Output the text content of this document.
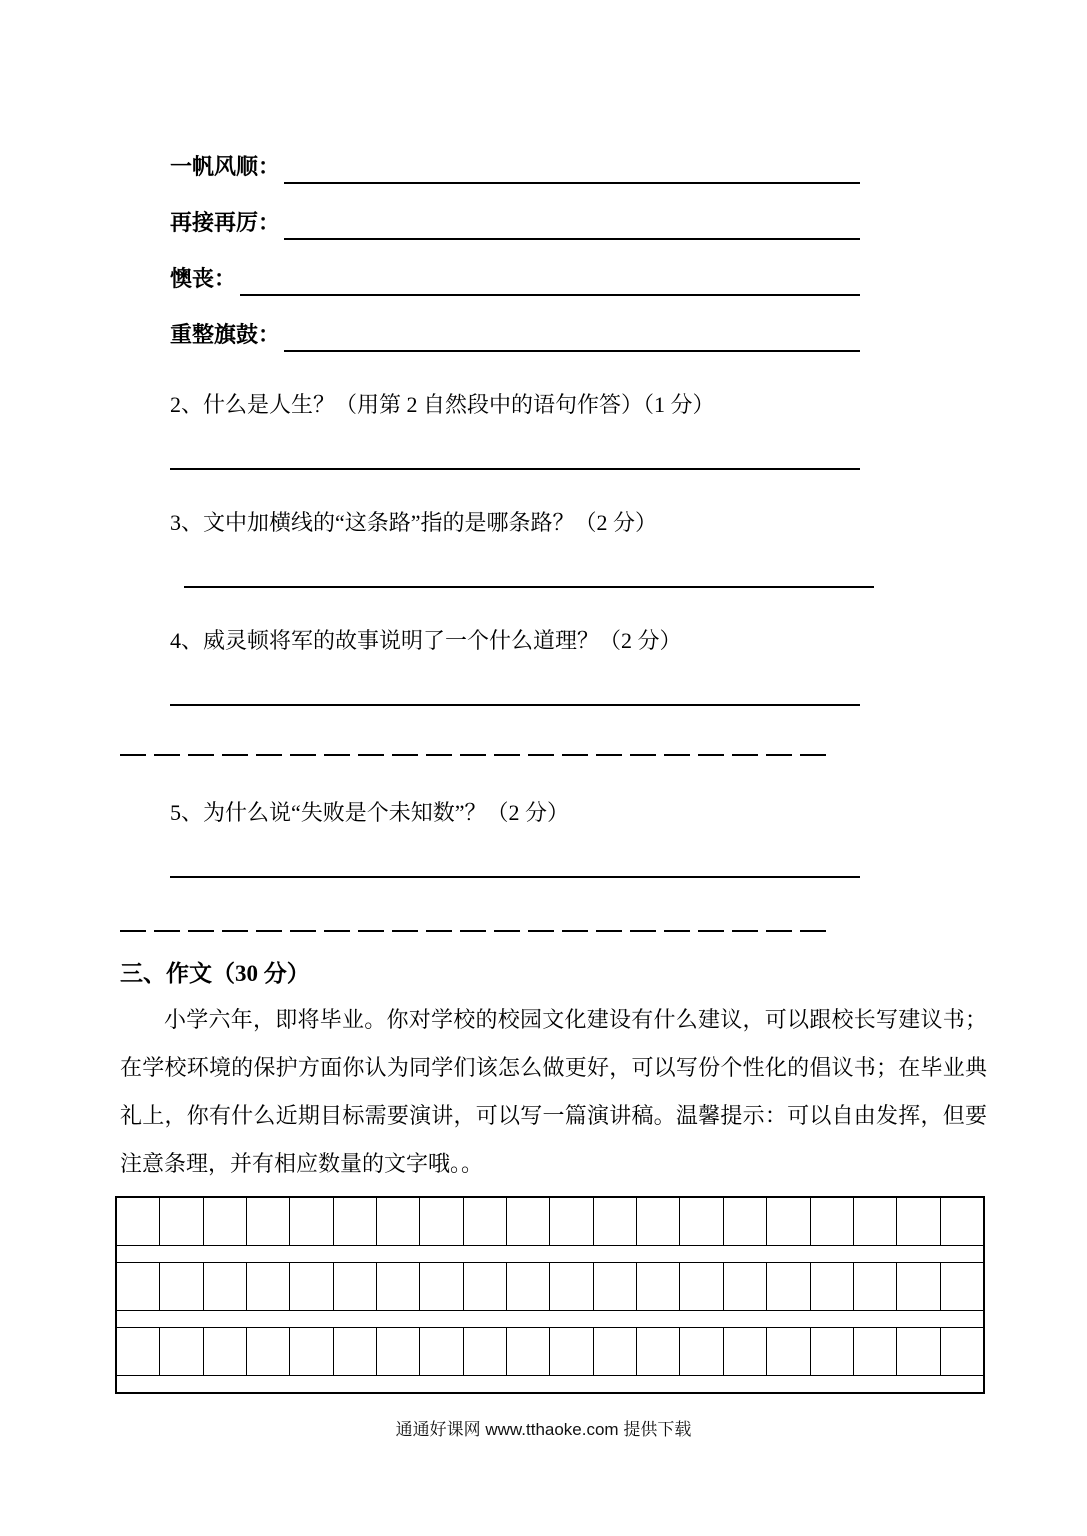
一帆风顺：
再接再厉：
懊丧：
重整旗鼓：
2、什么是人生？（用第 2 自然段中的语句作答）（1 分）
3、文中加横线的“这条路”指的是哪条路？（2 分）
4、威灵顿将军的故事说明了一个什么道理？（2 分）
5、为什么说“失败是个未知数”？（2 分）
三、作文（30 分）
小学六年，即将毕业。你对学校的校园文化建设有什么建议，可以跟校长写建议书；在学校环境的保护方面你认为同学们该怎么做更好，可以写份个性化的倡议书；在毕业典礼上，你有什么近期目标需要演讲，可以写一篇演讲稿。温馨提示：可以自由发挥，但要注意条理，并有相应数量的文字哦。。
通通好课网 www.tthaoke.com 提供下载
